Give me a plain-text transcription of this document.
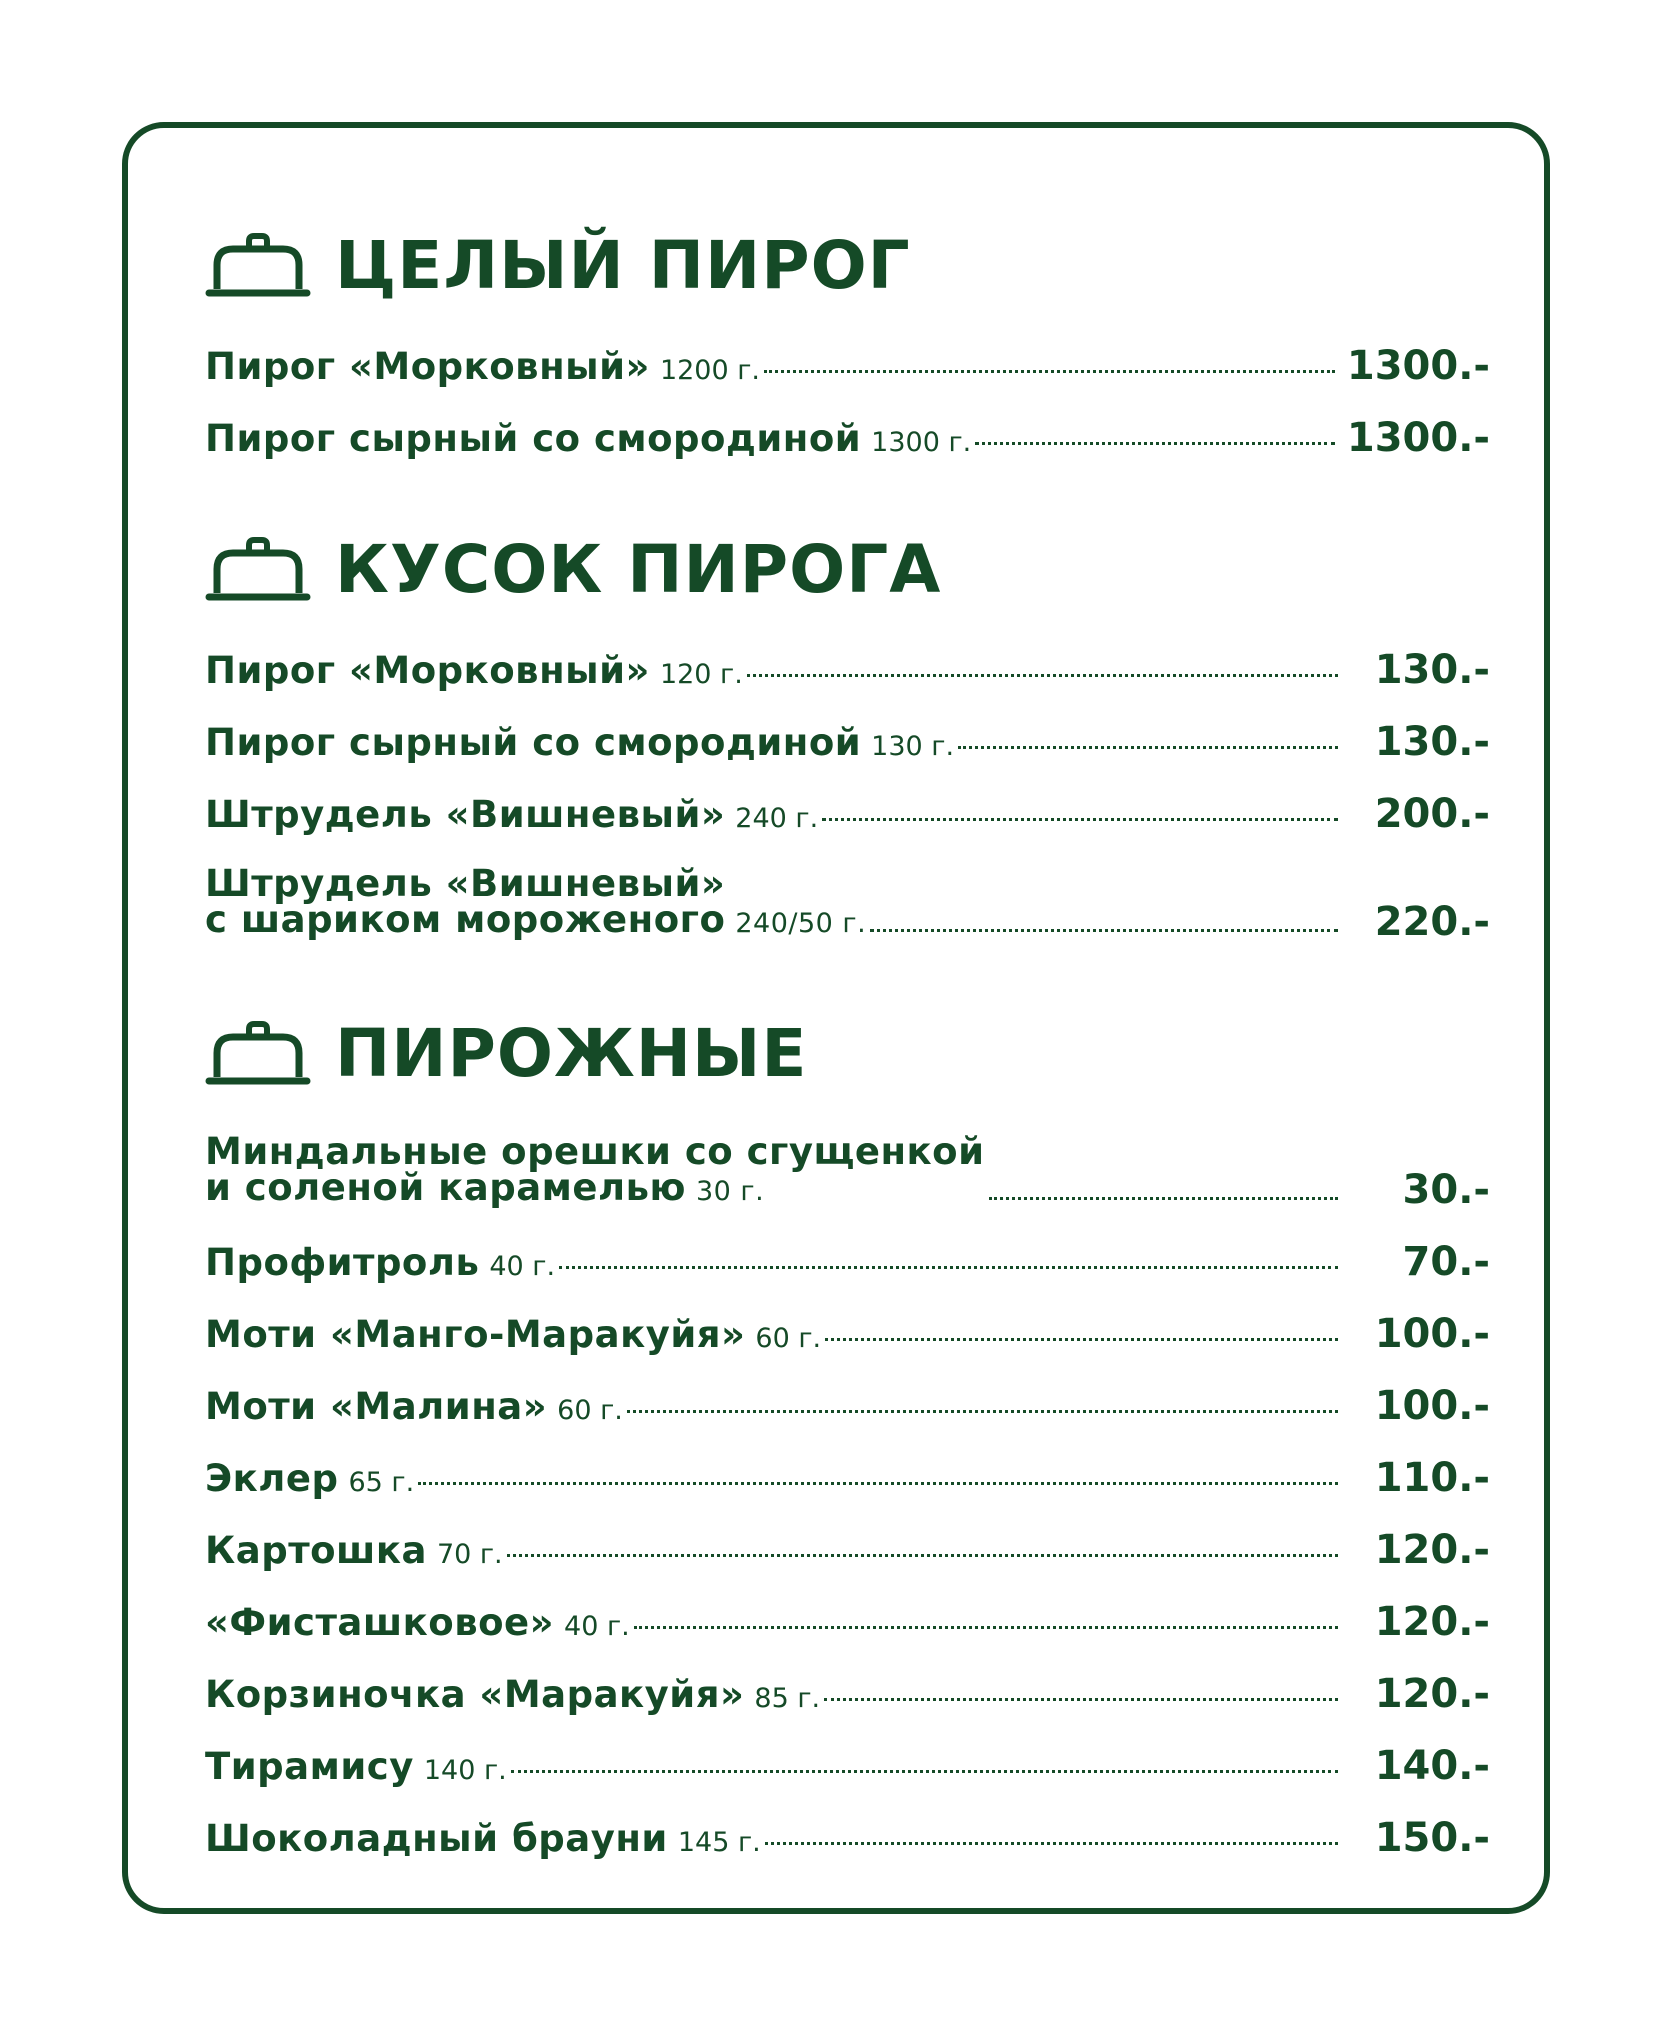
ЦЕЛЫЙ ПИРОГ
Пирог «Морковный» 1200 г.	1300.-
Пирог сырный со смородиной 1300 г.	1300.-
КУСОК ПИРОГА
Пирог «Морковный» 120 г.	130.-
Пирог сырный со смородиной 130 г.	130.-
Штрудель «Вишневый» 240 г.	200.-
Штрудель «Вишневый»
с шариком мороженого 240/50 г.	220.-
ПИРОЖНЫЕ
Миндальные орешки со сгущенкой
и соленой карамелью 30 г.	30.-
Профитроль 40 г.	70.-
Моти «Манго-Маракуйя» 60 г.	100.-
Моти «Малина» 60 г.	100.-
Эклер 65 г.	110.-
Картошка 70 г.	120.-
«Фисташковое» 40 г.	120.-
Корзиночка «Маракуйя» 85 г.	120.-
Тирамису 140 г.	140.-
Шоколадный брауни 145 г.	150.-
